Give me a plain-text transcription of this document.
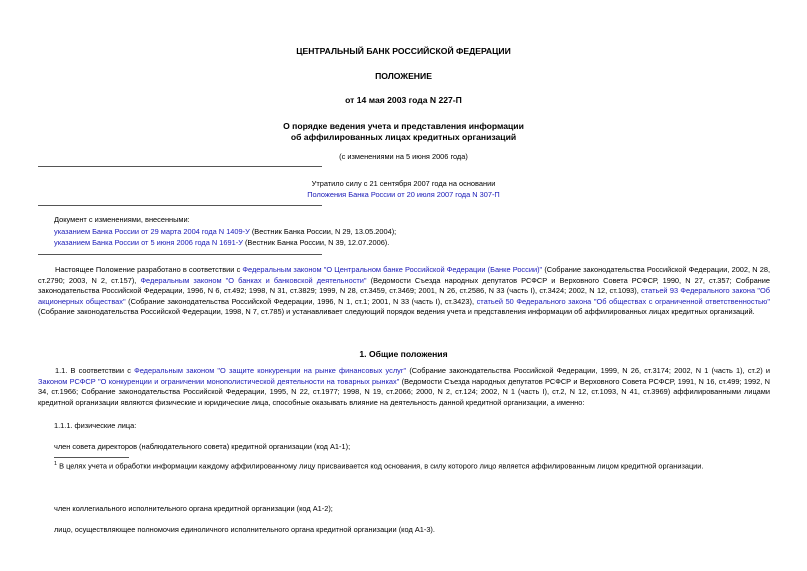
ЦЕНТРАЛЬНЫЙ БАНК РОССИЙСКОЙ ФЕДЕРАЦИИ
ПОЛОЖЕНИЕ
от 14 мая 2003 года N 227-П
О порядке ведения учета и представления информации
об аффилированных лицах кредитных организаций
(с изменениями на 5 июня 2006 года)
Утратило силу с 21 сентября 2007 года на основании
Положения Банка России от 20 июля 2007 года N 307-П
Документ с изменениями, внесенными:
указанием Банка России от 29 марта 2004 года N 1409-У (Вестник Банка России, N 29, 13.05.2004);
указанием Банка России от 5 июня 2006 года N 1691-У (Вестник Банка России, N 39, 12.07.2006).
Настоящее Положение разработано в соответствии с Федеральным законом "О Центральном банке Российской Федерации (Банке России)" (Собрание законодательства Российской Федерации, 2002, N 28, ст.2790; 2003, N 2, ст.157), Федеральным законом "О банках и банковской деятельности" (Ведомости Съезда народных депутатов РСФСР и Верховного Совета РСФСР, 1990, N 27, ст.357; Собрание законодательства Российской Федерации, 1996, N 6, ст.492; 1998, N 31, ст.3829; 1999, N 28, ст.3459, ст.3469; 2001, N 26, ст.2586, N 33 (часть I), ст.3424; 2002, N 12, ст.1093), статьей 93 Федерального закона "Об акционерных обществах" (Собрание законодательства Российской Федерации, 1996, N 1, ст.1; 2001, N 33 (часть I), ст.3423), статьей 50 Федерального закона "Об обществах с ограниченной ответственностью" (Собрание законодательства Российской Федерации, 1998, N 7, ст.785) и устанавливает следующий порядок ведения учета и представления информации об аффилированных лицах кредитных организаций.
1. Общие положения
1.1. В соответствии с Федеральным законом "О защите конкуренции на рынке финансовых услуг" (Собрание законодательства Российской Федерации, 1999, N 26, ст.3174; 2002, N 1 (часть 1), ст.2) и Законом РСФСР "О конкуренции и ограничении монополистической деятельности на товарных рынках" (Ведомости Съезда народных депутатов РСФСР и Верховного Совета РСФСР, 1991, N 16, ст.499; 1992, N 34, ст.1966; Собрание законодательства Российской Федерации, 1995, N 22, ст.1977; 1998, N 19, ст.2066; 2000, N 2, ст.124; 2002, N 1 (часть I), ст.2, N 12, ст.1093, N 41, ст.3969) аффилированными лицами кредитной организации являются физические и юридические лица, способные оказывать влияние на деятельность данной кредитной организации, а именно:
1.1.1. физические лица:
член совета директоров (наблюдательного совета) кредитной организации (код А1-1);
$^1$ В целях учета и обработки информации каждому аффилированному лицу присваивается код основания, в силу которого лицо является аффилированным лицом кредитной организации.
член коллегиального исполнительного органа кредитной организации (код А1-2);
лицо, осуществляющее полномочия единоличного исполнительного органа кредитной организации (код А1-3).
